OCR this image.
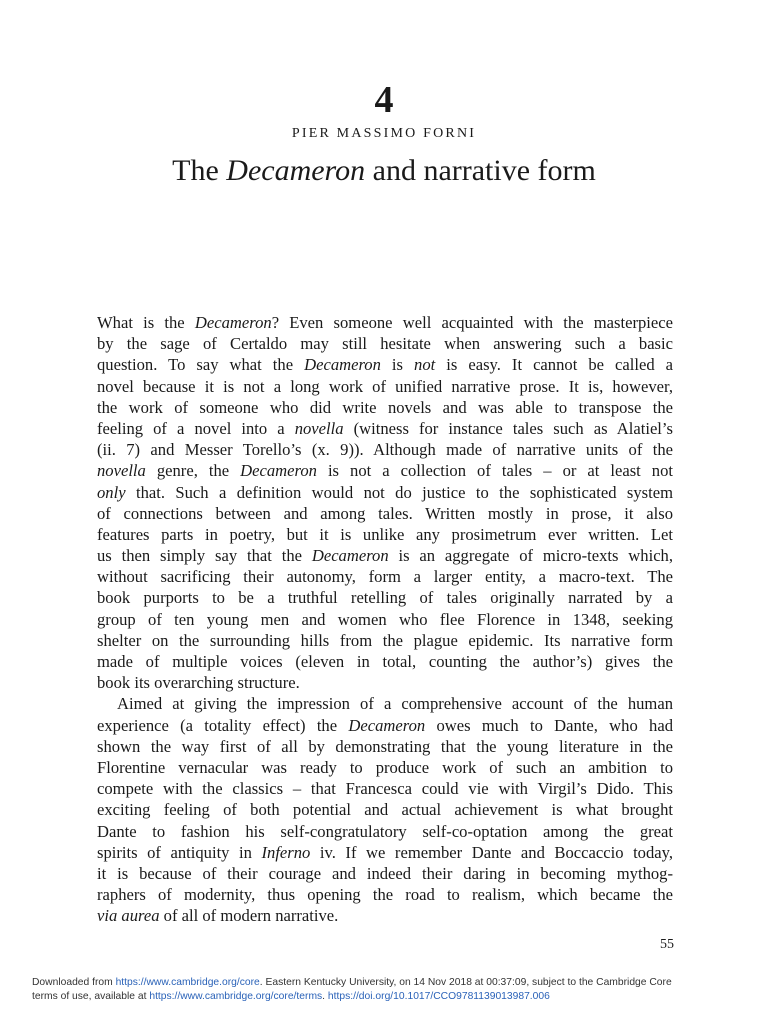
4
PIER MASSIMO FORNI
The Decameron and narrative form
What is the Decameron? Even someone well acquainted with the masterpiece
by the sage of Certaldo may still hesitate when answering such a basic
question. To say what the Decameron is not is easy. It cannot be called a
novel because it is not a long work of unified narrative prose. It is, however,
the work of someone who did write novels and was able to transpose the
feeling of a novel into a novella (witness for instance tales such as Alatiel’s
(ii. 7) and Messer Torello’s (x. 9)). Although made of narrative units of the
novella genre, the Decameron is not a collection of tales – or at least not
only that. Such a definition would not do justice to the sophisticated system
of connections between and among tales. Written mostly in prose, it also
features parts in poetry, but it is unlike any prosimetrum ever written. Let
us then simply say that the Decameron is an aggregate of micro-texts which,
without sacrificing their autonomy, form a larger entity, a macro-text. The
book purports to be a truthful retelling of tales originally narrated by a
group of ten young men and women who flee Florence in 1348, seeking
shelter on the surrounding hills from the plague epidemic. Its narrative form
made of multiple voices (eleven in total, counting the author’s) gives the
book its overarching structure.
Aimed at giving the impression of a comprehensive account of the human
experience (a totality effect) the Decameron owes much to Dante, who had
shown the way first of all by demonstrating that the young literature in the
Florentine vernacular was ready to produce work of such an ambition to
compete with the classics – that Francesca could vie with Virgil’s Dido. This
exciting feeling of both potential and actual achievement is what brought
Dante to fashion his self-congratulatory self-co-optation among the great
spirits of antiquity in Inferno iv. If we remember Dante and Boccaccio today,
it is because of their courage and indeed their daring in becoming mythog-
raphers of modernity, thus opening the road to realism, which became the
via aurea of all of modern narrative.
55
Downloaded from https://www.cambridge.org/core. Eastern Kentucky University, on 14 Nov 2018 at 00:37:09, subject to the Cambridge Core
terms of use, available at https://www.cambridge.org/core/terms. https://doi.org/10.1017/CCO9781139013987.006
